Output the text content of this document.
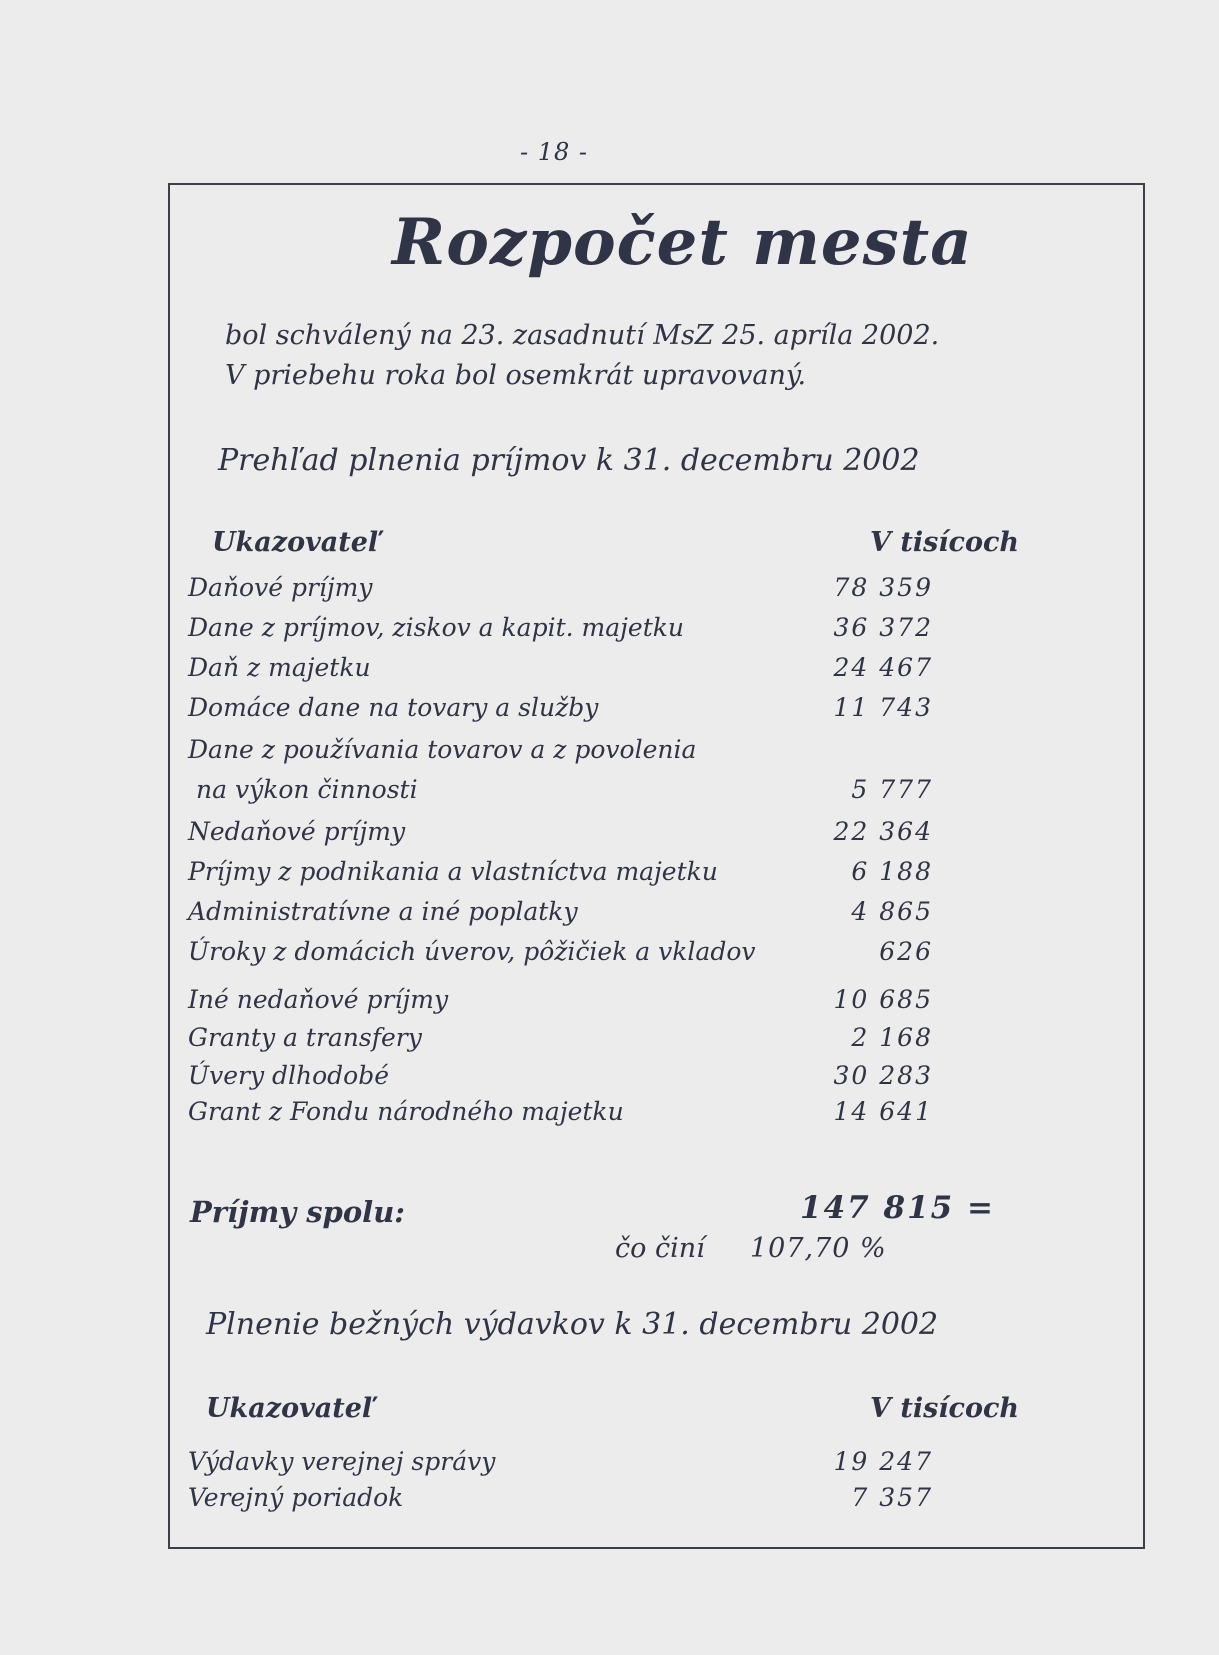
- 18 -
Rozpočet mesta
bol schválený na 23. zasadnutí MsZ 25. apríla 2002.
V priebehu roka bol osemkrát upravovaný.
Prehľad plnenia príjmov k 31. decembru 2002
Ukazovateľ	V tisícoch
Daňové príjmy	78 359
Dane z príjmov, ziskov a kapit. majetku	36 372
Daň z majetku	24 467
Domáce dane na tovary a služby	11 743
Dane z používania tovarov a z povolenia
na výkon činnosti	5 777
Nedaňové príjmy	22 364
Príjmy z podnikania a vlastníctva majetku	6 188
Administratívne a iné poplatky	4 865
Úroky z domácich úverov, pôžičiek a vkladov	626
Iné nedaňové príjmy	10 685
Granty a transfery	2 168
Úvery dlhodobé	30 283
Grant z Fondu národného majetku	14 641
Príjmy spolu:	147 815 =
čo činí 107,70 %
Plnenie bežných výdavkov k 31. decembru 2002
Ukazovateľ	V tisícoch
Výdavky verejnej správy	19 247
Verejný poriadok	7 357
